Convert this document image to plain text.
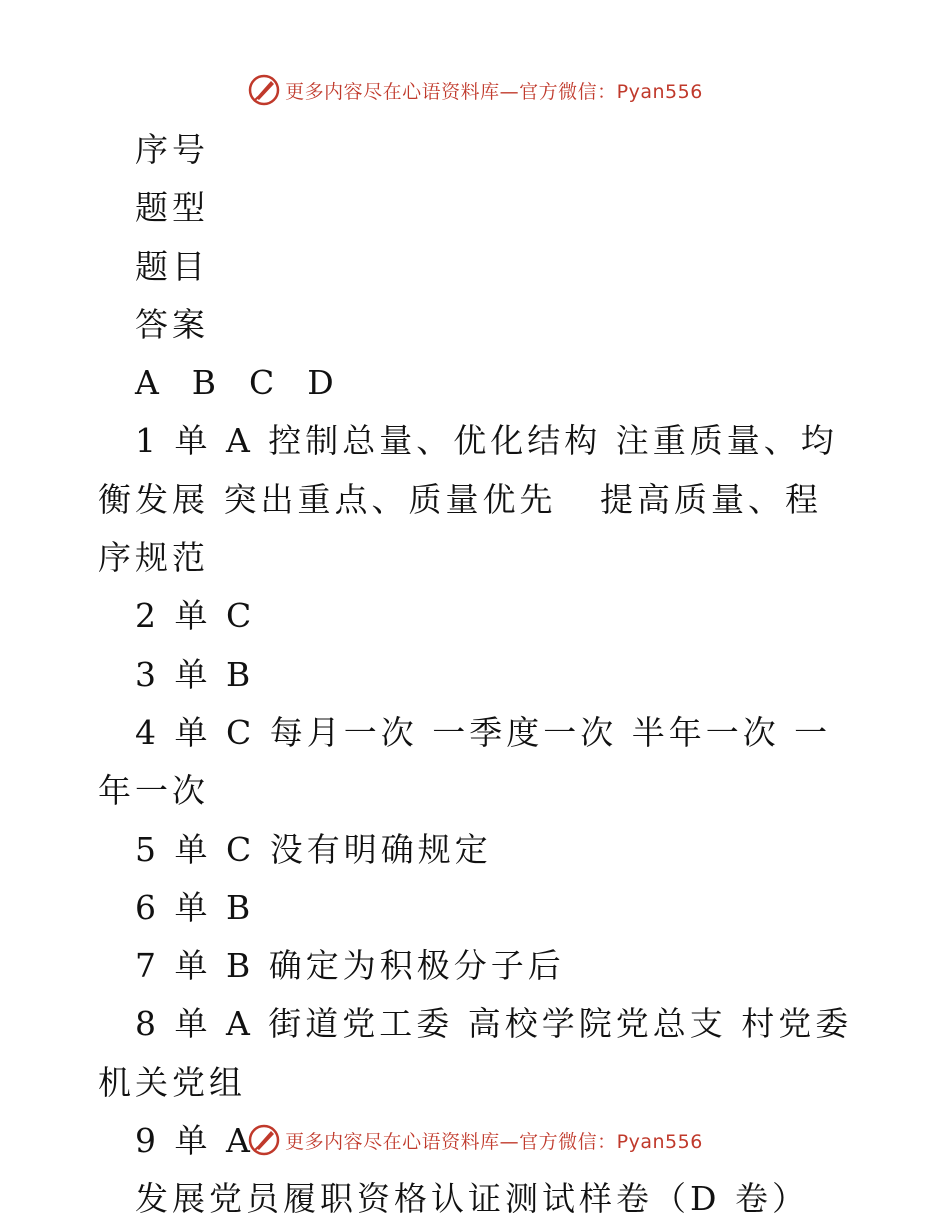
更多内容尽在心语资料库—官方微信：Pyan556
序号
题型
题目
答案
A  B  C  D
1 单 A 控制总量、优化结构 注重质量、均衡发展 突出重点、质量优先   提高质量、程序规范
2 单 C
3 单 B
4 单 C 每月一次 一季度一次 半年一次 一年一次
5 单 C 没有明确规定
6 单 B
7 单 B 确定为积极分子后
8 单 A 街道党工委 高校学院党总支 村党委 机关党组
9 单 A
发展党员履职资格认证测试样卷（D 卷）
更多内容尽在心语资料库—官方微信：Pyan556
